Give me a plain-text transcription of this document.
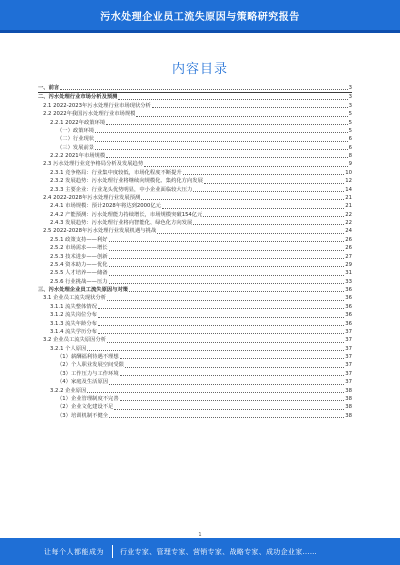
污水处理企业员工流失原因与策略研究报告
内容目录
一、前言	3
二、污水处理行业市场分析及预测	3
2.1 2022-2023年污水处理行业市场现状分析	3
2.2 2022年我国污水处理行业市场规模	5
2.2.1 2022年政策环境	5
（一）政策环境	5
（二）行业现状	6
（三）发展前景	6
2.2.2 2021年市场规模	8
2.3 污水处理行业竞争格局分析及发展趋势	9
2.3.1 竞争格局：行业集中度较低，市场化程度不断提升	10
2.3.2 发展趋势：污水处理行业将继续向规模化、集约化方向发展	12
2.3.3 主要企业：行业龙头优势明显，中小企业面临较大压力	14
2.4 2022-2028年污水处理行业发展预测	21
2.4.1 市场规模：预计2028年将达到2000亿元	21
2.4.2 产能预测：污水处理能力持续增长，市场规模突破154亿元	22
2.4.3 发展趋势：污水处理行业将向智能化、绿色化方向发展	22
2.5 2022-2028年污水处理行业发展机遇与挑战	24
2.5.1 政策支持——利好	26
2.5.2 市场需求——增长	26
2.5.3 技术进步——创新	27
2.5.4 资本助力——优化	29
2.5.5 人才培养——储备	31
2.5.6 行业挑战——压力	33
三、污水处理企业员工流失原因与对策	36
3.1 企业员工流失现状分析	36
3.1.1 流失整体情况	36
3.1.2 流失岗位分布	36
3.1.3 流失年龄分布	36
3.1.4 流失学历分布	37
3.2 企业员工流失原因分析	37
3.2.1 个人原因	37
（1）薪酬福利待遇不理想	37
（2）个人职业发展空间受限	37
（3）工作压力与工作环境	37
（4）家庭及生活原因	37
3.2.2 企业原因	38
（1）企业管理制度不完善	38
（2）企业文化建设不足	38
（3）培训机制不健全	38
1
让每个人都能成为 行业专家、管理专家、营销专家、战略专家、成功企业家……
